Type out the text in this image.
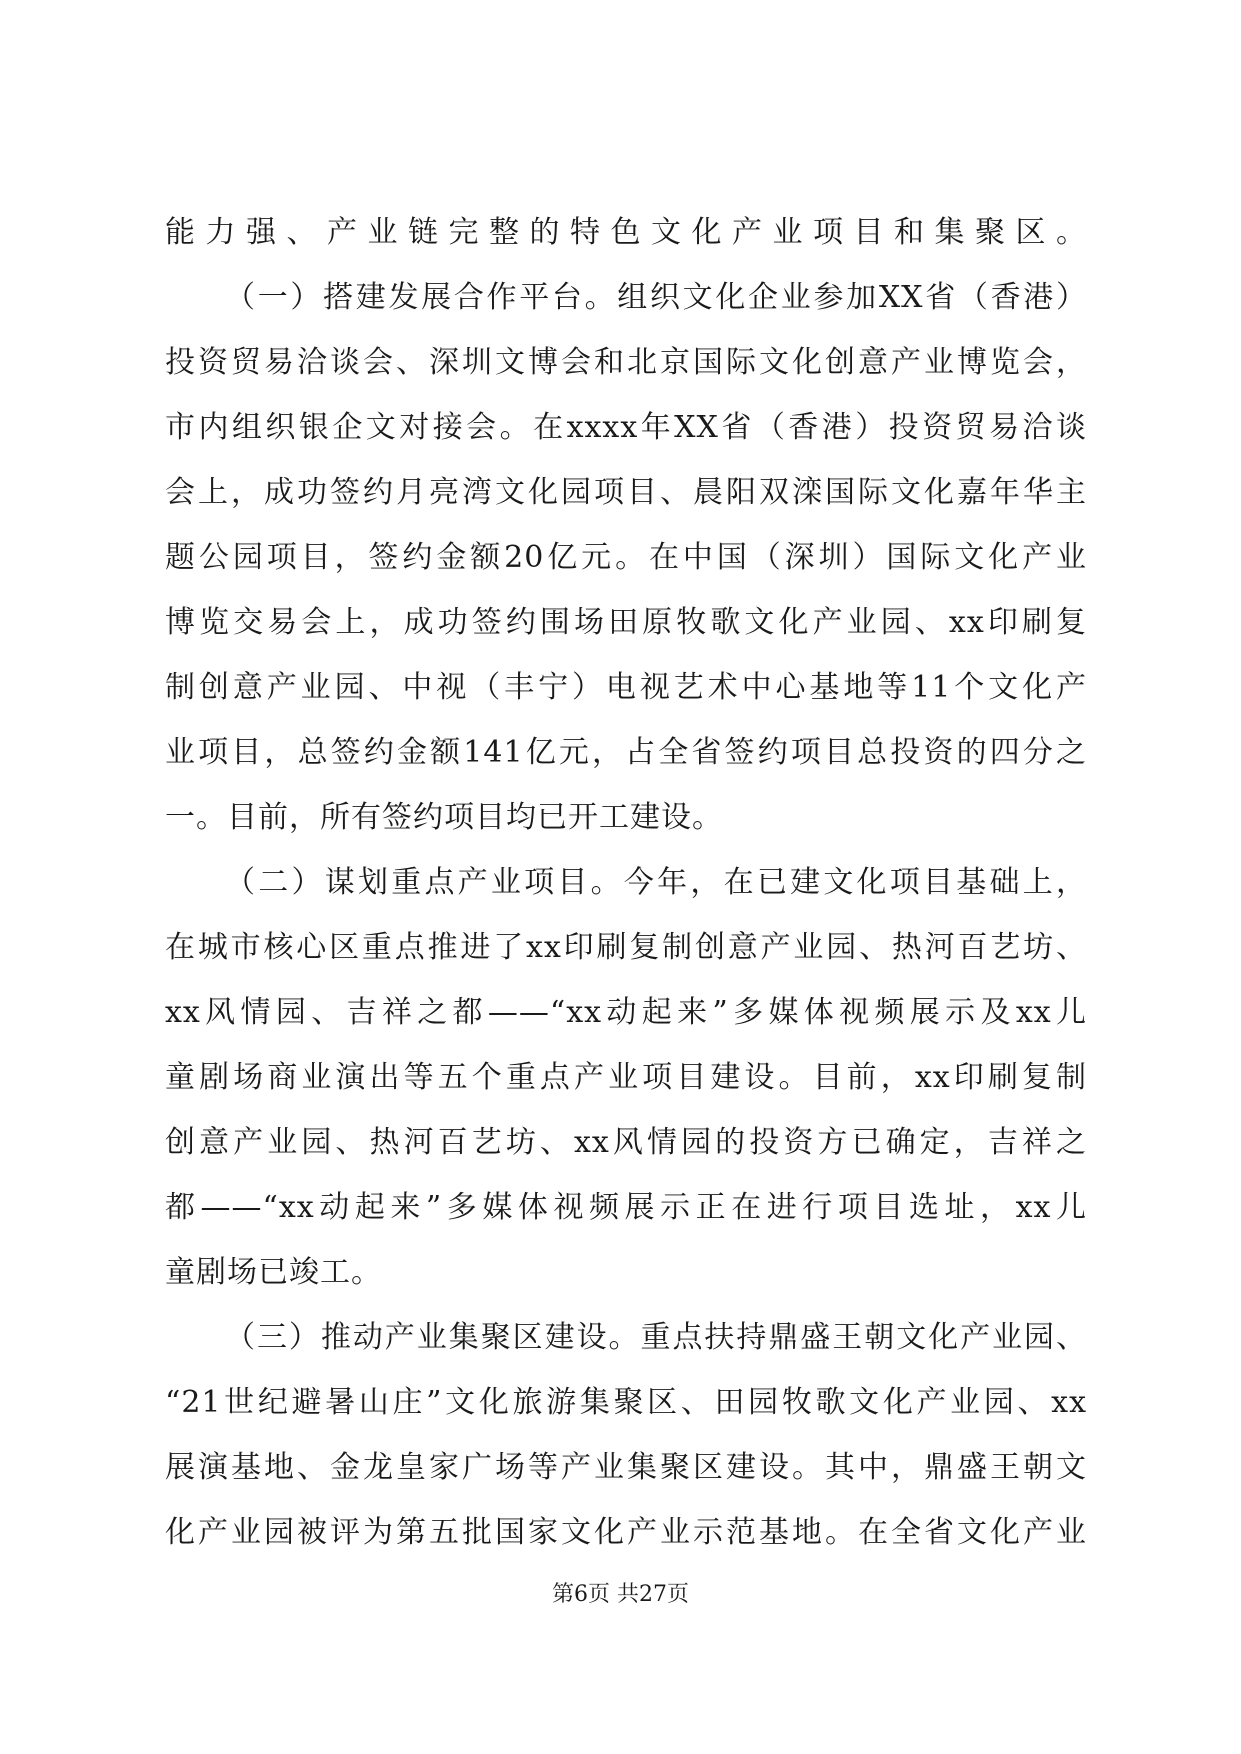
能力强、产业链完整的特色文化产业项目和集聚区。
（一）搭建发展合作平台。组织文化企业参加XX省（香港）
投资贸易洽谈会、深圳文博会和北京国际文化创意产业博览会，
市内组织银企文对接会。在xxxx年XX省（香港）投资贸易洽谈
会上，成功签约月亮湾文化园项目、晨阳双滦国际文化嘉年华主
题公园项目，签约金额20亿元。在中国（深圳）国际文化产业
博览交易会上，成功签约围场田原牧歌文化产业园、xx印刷复
制创意产业园、中视（丰宁）电视艺术中心基地等11个文化产
业项目，总签约金额141亿元，占全省签约项目总投资的四分之
一。目前，所有签约项目均已开工建设。
（二）谋划重点产业项目。今年，在已建文化项目基础上，
在城市核心区重点推进了xx印刷复制创意产业园、热河百艺坊、
xx风情园、吉祥之都——“xx动起来”多媒体视频展示及xx儿
童剧场商业演出等五个重点产业项目建设。目前，xx印刷复制
创意产业园、热河百艺坊、xx风情园的投资方已确定，吉祥之
都——“xx动起来”多媒体视频展示正在进行项目选址，xx儿
童剧场已竣工。
（三）推动产业集聚区建设。重点扶持鼎盛王朝文化产业园、
“21世纪避暑山庄”文化旅游集聚区、田园牧歌文化产业园、xx
展演基地、金龙皇家广场等产业集聚区建设。其中，鼎盛王朝文
化产业园被评为第五批国家文化产业示范基地。在全省文化产业
第6页 共27页
